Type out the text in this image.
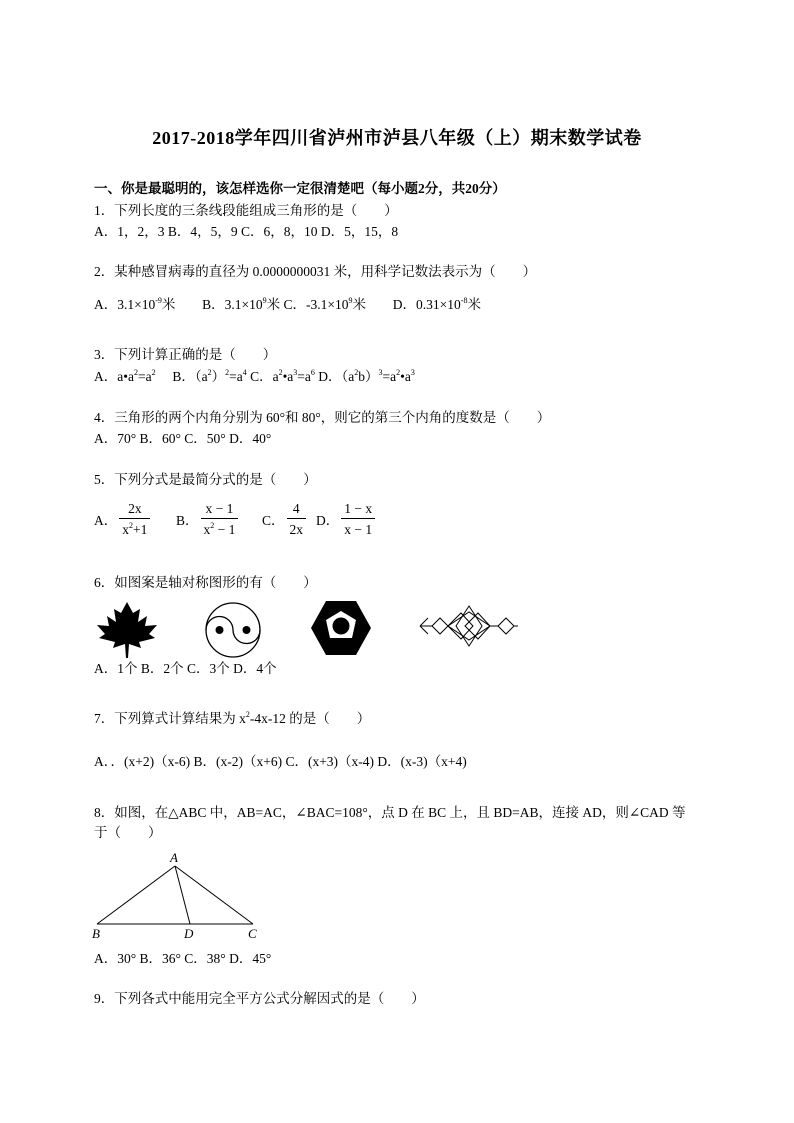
2017-2018学年四川省泸州市泸县八年级（上）期末数学试卷
一、你是最聪明的，该怎样选你一定很清楚吧（每小题2分，共20分）
1．下列长度的三条线段能组成三角形的是（　　）
A．1，2，3 B．4，5，9 C．6，8，10 D．5，15，8
2．某种感冒病毒的直径为 0.0000000031 米，用科学记数法表示为（　　）
A．$3.1\times 10^{-9}$米 B．$3.1\times 10^9$米 C．$-3.1\times 10^9$米 D．$0.31\times 10^{-8}$米
3．下列计算正确的是（　　）
A．$a•a^2=a^2$ B．$(a^2)^2=a^4$ C．$a^2•a^3=a^6$ D．$(a^2b)^3=a^2•a^3$
4．三角形的两个内角分别为 60°和 80°，则它的第三个内角的度数是（　　）
A．70° B．60° C．50° D．40°
5．下列分式是最简分式的是（　　）
A． $\frac{2x}{x^2+1}$ B． $\frac{x - 1}{x^2 - 1}$ C． $\frac{4}{2x}$ D． $\frac{1 - x}{x - 1}$
6．如图案是轴对称图形的有（　　）
A．1个 B．2个 C．3个 D．4个
7．下列算式计算结果为 $x^2-4x-12$ 的是（　　）
A．．(x+2)（x-6) B．(x-2)（x+6) C．(x+3)（x-4) D．(x-3)（x+4)
8．如图，在△ABC 中，AB=AC，∠BAC=108°，点 D 在 BC 上，且 BD=AB，连接 AD，则∠CAD 等
于（　　）
A
B	D	C
A．30° B．36° C．38° D．45°
9．下列各式中能用完全平方公式分解因式的是（　　）
